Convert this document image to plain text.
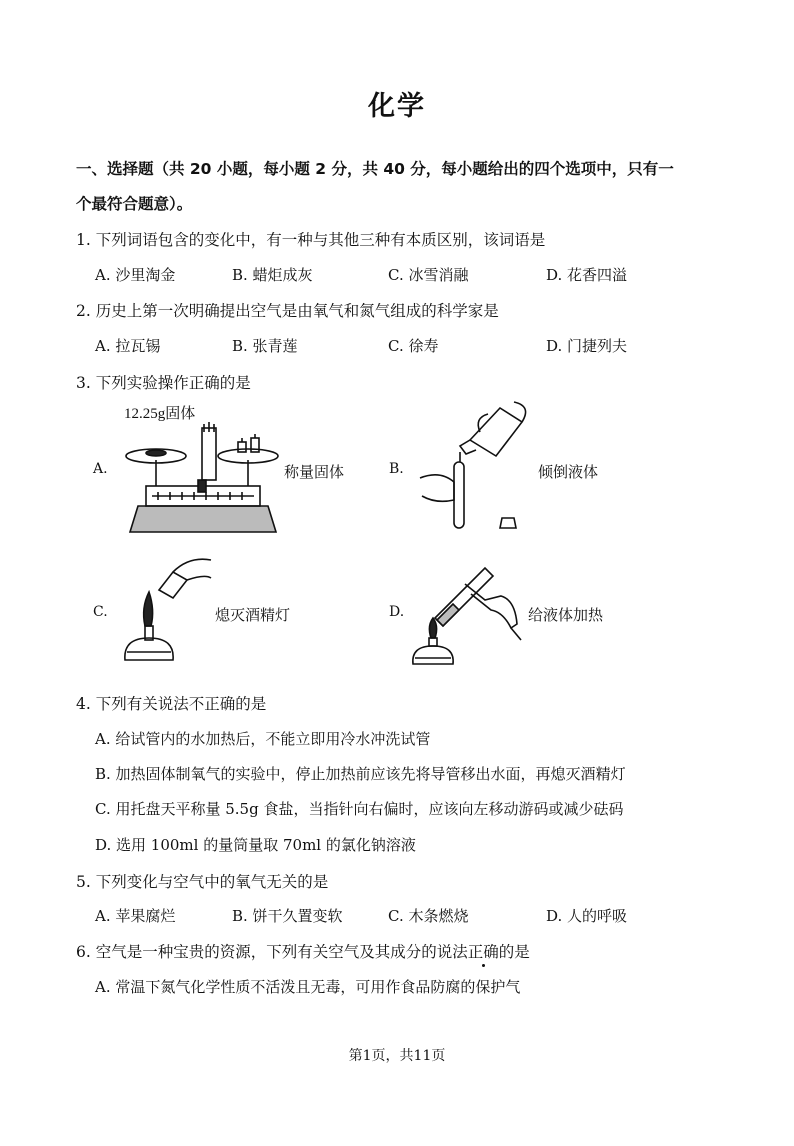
化学
一、选择题（共 20 小题，每小题 2 分，共 40 分，每小题给出的四个选项中，只有一
个最符合题意）。
1. 下列词语包含的变化中，有一种与其他三种有本质区别，该词语是
A. 沙里淘金	B. 蜡炬成灰	C. 冰雪消融	D. 花香四溢
2. 历史上第一次明确提出空气是由氧气和氮气组成的科学家是
A. 拉瓦锡	B. 张青莲	C. 徐寿	D. 门捷列夫
3. 下列实验操作正确的是
A.
12.25g固体
称量固体	B.	倾倒液体
C.	熄灭酒精灯	D.	给液体加热
4. 下列有关说法不正确的是
A. 给试管内的水加热后，不能立即用冷水冲洗试管
B. 加热固体制氧气的实验中，停止加热前应该先将导管移出水面，再熄灭酒精灯
C. 用托盘天平称量 5.5g 食盐，当指针向右偏时，应该向左移动游码或减少砝码
D. 选用 100ml 的量筒量取 70ml 的氯化钠溶液
5. 下列变化与空气中的氧气无关的是
A. 苹果腐烂	B. 饼干久置变软	C. 木条燃烧	D. 人的呼吸
6. 空气是一种宝贵的资源，下列有关空气及其成分的说法正确的是
A. 常温下氮气化学性质不活泼且无毒，可用作食品防腐的保护气
第1页，共11页
